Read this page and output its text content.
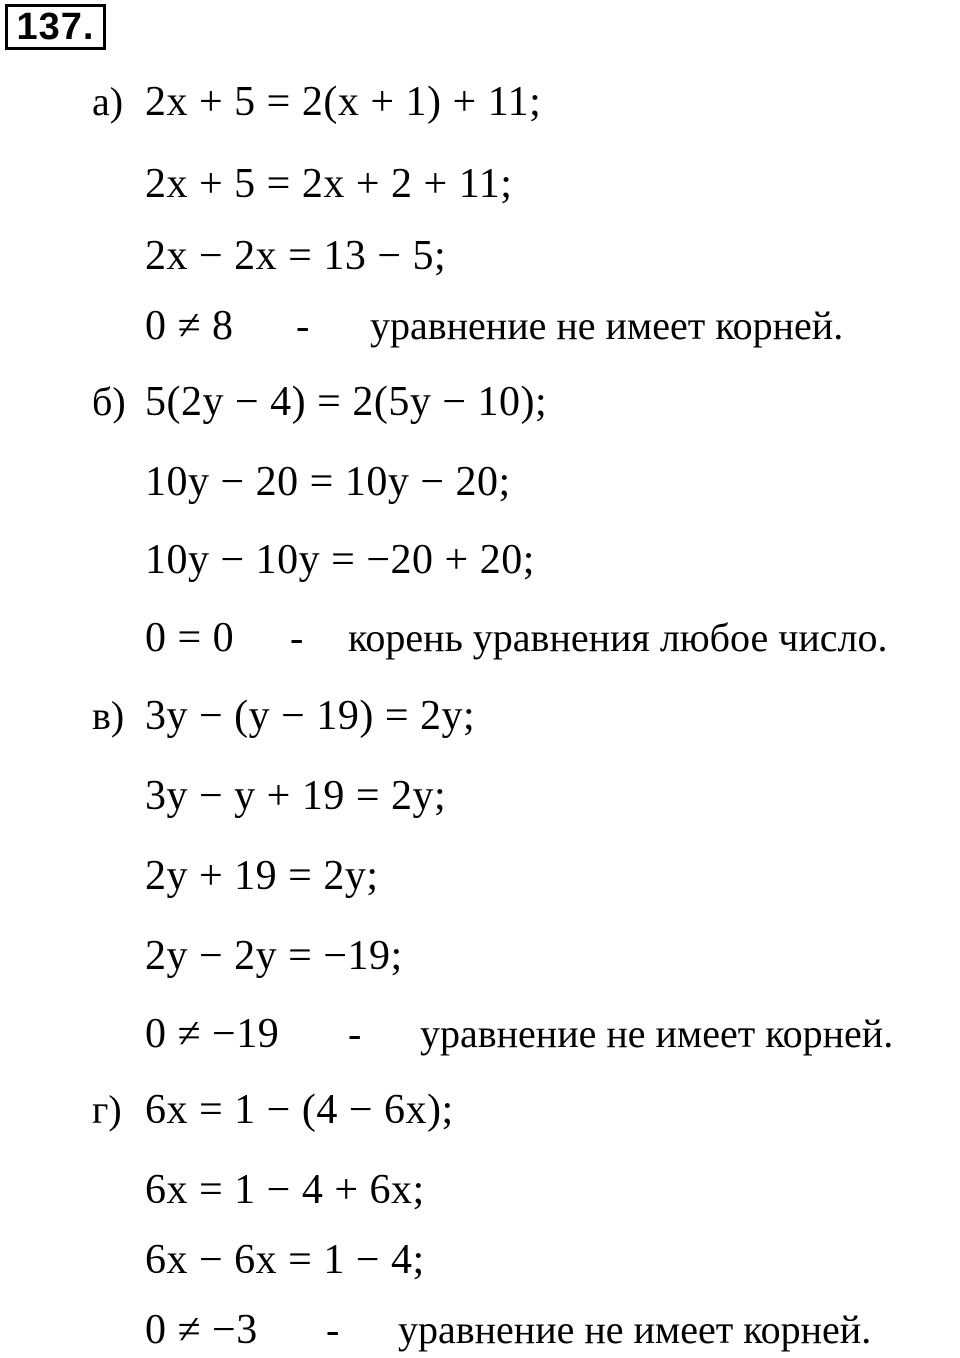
137.
а) 2x + 5 = 2(x + 1) + 11;
2x + 5 = 2x + 2 + 11;
2x − 2x = 13 − 5;
0 ≠ 8 - уравнение не имеет корней.
б) 5(2y − 4) = 2(5y − 10);
10y − 20 = 10y − 20;
10y − 10y = −20 + 20;
0 = 0 - корень уравнения любое число.
в) 3y − (y − 19) = 2y;
3y − y + 19 = 2y;
2y + 19 = 2y;
2y − 2y = −19;
0 ≠ −19 - уравнение не имеет корней.
г) 6x = 1 − (4 − 6x);
6x = 1 − 4 + 6x;
6x − 6x = 1 − 4;
0 ≠ −3 - уравнение не имеет корней.
